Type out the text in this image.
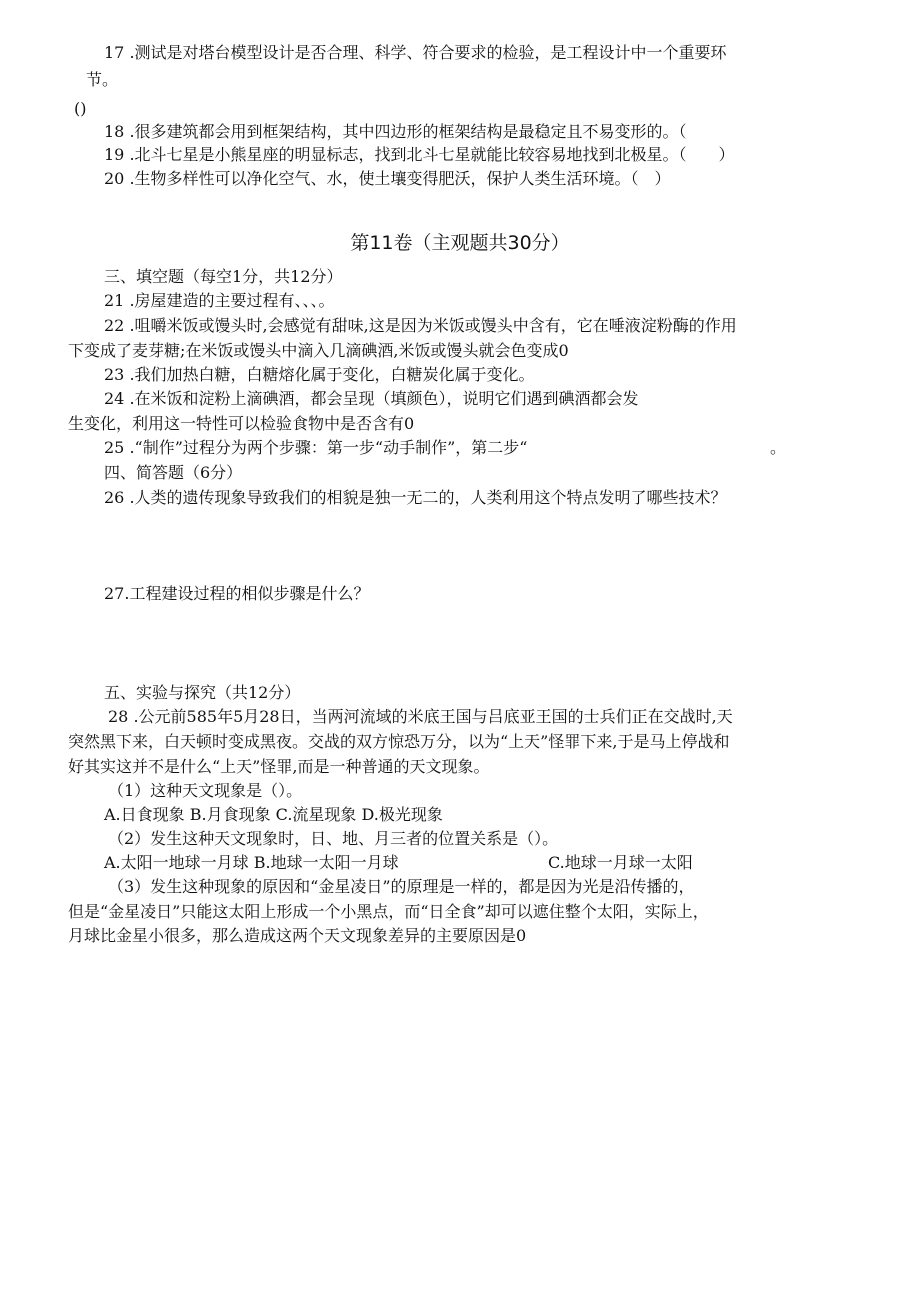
17 .测试是对塔台模型设计是否合理、科学、符合要求的检验，是工程设计中一个重要环
节。
()
18 .很多建筑都会用到框架结构，其中四边形的框架结构是最稳定且不易变形的。（
19 .北斗七星是小熊星座的明显标志，找到北斗七星就能比较容易地找到北极星。（　　）
20 .生物多样性可以净化空气、水，使土壤变得肥沃，保护人类生活环境。（　）
第11卷（主观题共30分）
三、填空题（每空1分，共12分）
21 .房屋建造的主要过程有、、、。
22 .咀嚼米饭或馒头时,会感觉有甜味,这是因为米饭或馒头中含有，它在唾液淀粉酶的作用
下变成了麦芽糖;在米饭或馒头中滴入几滴碘酒,米饭或馒头就会色变成0
23 .我们加热白糖，白糖熔化属于变化，白糖炭化属于变化。
24 .在米饭和淀粉上滴碘酒，都会呈现（填颜色），说明它们遇到碘酒都会发
生变化，利用这一特性可以检验食物中是否含有0
25 .“制作”过程分为两个步骤：第一步“动手制作”，第二步“	。
四、简答题（6分）
26 .人类的遗传现象导致我们的相貌是独一无二的，人类利用这个特点发明了哪些技术？
27.工程建设过程的相似步骤是什么？
五、实验与探究（共12分）
28 .公元前585年5月28日，当两河流域的米底王国与吕底亚王国的士兵们正在交战时,天
突然黑下来，白天顿时变成黑夜。交战的双方惊恐万分，以为“上天”怪罪下来,于是马上停战和
好其实这并不是什么“上天”怪罪,而是一种普通的天文现象。
（1）这种天文现象是（）。
A.日食现象 B.月食现象 C.流星现象 D.极光现象
（2）发生这种天文现象时，日、地、月三者的位置关系是（）。
A.太阳一地球一月球 B.地球一太阳一月球	C.地球一月球一太阳
（3）发生这种现象的原因和“金星凌日”的原理是一样的，都是因为光是沿传播的，
但是“金星凌日”只能这太阳上形成一个小黑点，而“日全食”却可以遮住整个太阳，实际上，
月球比金星小很多，那么造成这两个天文现象差异的主要原因是0
